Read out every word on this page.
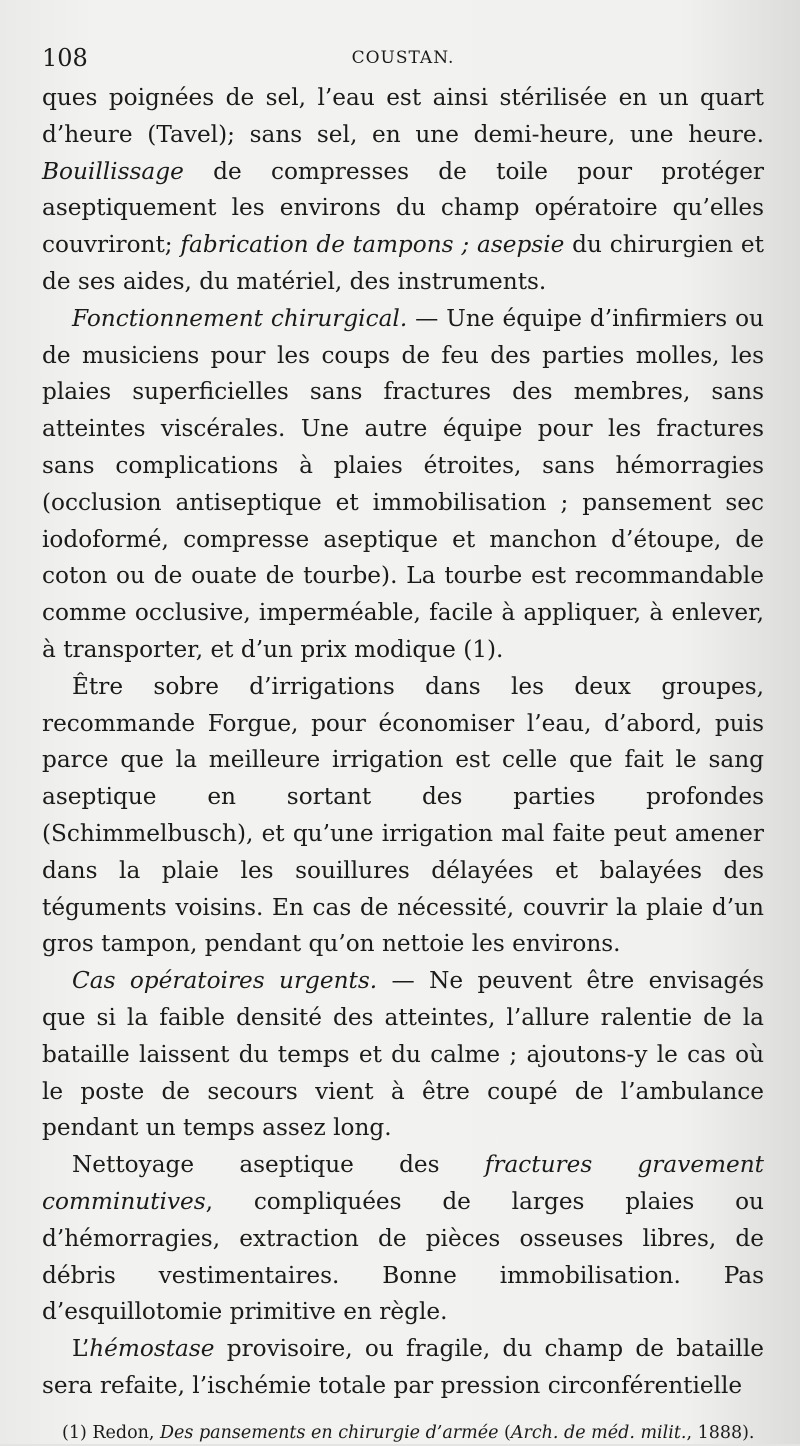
108	COUSTAN.

ques poignées de sel, l’eau est ainsi stérilisée en un quart d’heure (Tavel); sans sel, en une demi-heure, une heure. Bouillissage de compresses de toile pour protéger aseptiquement les environs du champ opératoire qu’elles couvriront; fabrication de tampons ; asepsie du chirurgien et de ses aides, du matériel, des instruments.

Fonctionnement chirurgical. — Une équipe d’infirmiers ou de musiciens pour les coups de feu des parties molles, les plaies superficielles sans fractures des membres, sans atteintes viscérales. Une autre équipe pour les fractures sans complications à plaies étroites, sans hémorragies (occlusion antiseptique et immobilisation ; pansement sec iodoformé, compresse aseptique et manchon d’étoupe, de coton ou de ouate de tourbe). La tourbe est recommandable comme occlusive, imperméable, facile à appliquer, à enlever, à transporter, et d’un prix modique (1).

Être sobre d’irrigations dans les deux groupes, recommande Forgue, pour économiser l’eau, d’abord, puis parce que la meilleure irrigation est celle que fait le sang aseptique en sortant des parties profondes (Schimmelbusch), et qu’une irrigation mal faite peut amener dans la plaie les souillures délayées et balayées des téguments voisins. En cas de nécessité, couvrir la plaie d’un gros tampon, pendant qu’on nettoie les environs.

Cas opératoires urgents. — Ne peuvent être envisagés que si la faible densité des atteintes, l’allure ralentie de la bataille laissent du temps et du calme ; ajoutons-y le cas où le poste de secours vient à être coupé de l’ambulance pendant un temps assez long.

Nettoyage aseptique des fractures gravement comminutives, compliquées de larges plaies ou d’hémorragies, extraction de pièces osseuses libres, de débris vestimentaires. Bonne immobilisation. Pas d’esquillotomie primitive en règle.

L’hémostase provisoire, ou fragile, du champ de bataille sera refaite, l’ischémie totale par pression circonférentielle

(1) Redon, Des pansements en chirurgie d’armée (Arch. de méd. milit., 1888).
